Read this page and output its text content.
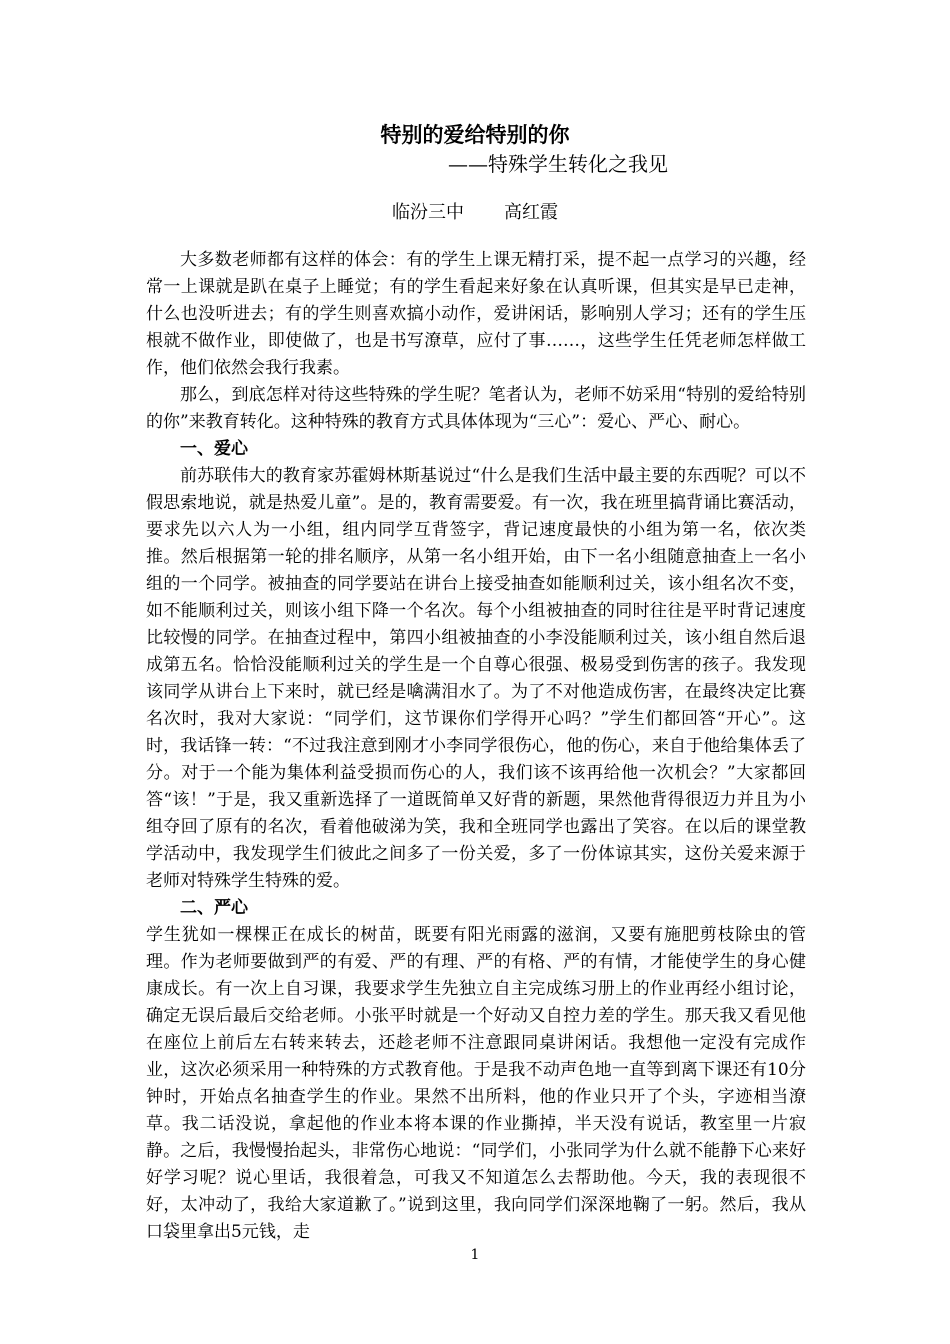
特别的爱给特别的你

——特殊学生转化之我见

临汾三中 高红霞

大多数老师都有这样的体会：有的学生上课无精打采，提不起一点学习的兴趣，经常一上课就是趴在桌子上睡觉；有的学生看起来好象在认真听课，但其实是早已走神，什么也没听进去；有的学生则喜欢搞小动作，爱讲闲话，影响别人学习；还有的学生压根就不做作业，即使做了，也是书写潦草，应付了事……，这些学生任凭老师怎样做工作，他们依然会我行我素。

那么，到底怎样对待这些特殊的学生呢？笔者认为，老师不妨采用“特别的爱给特别的你”来教育转化。这种特殊的教育方式具体体现为“三心”：爱心、严心、耐心。

一、爱心

前苏联伟大的教育家苏霍姆林斯基说过“什么是我们生活中最主要的东西呢？可以不假思索地说，就是热爱儿童”。是的，教育需要爱。有一次，我在班里搞背诵比赛活动，要求先以六人为一小组，组内同学互背签字，背记速度最快的小组为第一名，依次类推。然后根据第一轮的排名顺序，从第一名小组开始，由下一名小组随意抽查上一名小组的一个同学。被抽查的同学要站在讲台上接受抽查如能顺利过关，该小组名次不变，如不能顺利过关，则该小组下降一个名次。每个小组被抽查的同时往往是平时背记速度比较慢的同学。在抽查过程中，第四小组被抽查的小李没能顺利过关，该小组自然后退成第五名。恰恰没能顺利过关的学生是一个自尊心很强、极易受到伤害的孩子。我发现该同学从讲台上下来时，就已经是噙满泪水了。为了不对他造成伤害，在最终决定比赛名次时，我对大家说：“同学们，这节课你们学得开心吗？”学生们都回答“开心”。这时，我话锋一转：“不过我注意到刚才小李同学很伤心，他的伤心，来自于他给集体丢了分。对于一个能为集体利益受损而伤心的人，我们该不该再给他一次机会？”大家都回答“该！”于是，我又重新选择了一道既简单又好背的新题，果然他背得很迈力并且为小组夺回了原有的名次，看着他破涕为笑，我和全班同学也露出了笑容。在以后的课堂教学活动中，我发现学生们彼此之间多了一份关爱，多了一份体谅其实，这份关爱来源于老师对特殊学生特殊的爱。

二、严心

学生犹如一棵棵正在成长的树苗，既要有阳光雨露的滋润，又要有施肥剪枝除虫的管理。作为老师要做到严的有爱、严的有理、严的有格、严的有情，才能使学生的身心健康成长。有一次上自习课，我要求学生先独立自主完成练习册上的作业再经小组讨论，确定无误后最后交给老师。小张平时就是一个好动又自控力差的学生。那天我又看见他在座位上前后左右转来转去，还趁老师不注意跟同桌讲闲话。我想他一定没有完成作业，这次必须采用一种特殊的方式教育他。于是我不动声色地一直等到离下课还有10分钟时，开始点名抽查学生的作业。果然不出所料，他的作业只开了个头，字迹相当潦草。我二话没说，拿起他的作业本将本课的作业撕掉，半天没有说话，教室里一片寂静。之后，我慢慢抬起头，非常伤心地说：“同学们，小张同学为什么就不能静下心来好好学习呢？说心里话，我很着急，可我又不知道怎么去帮助他。今天，我的表现很不好，太冲动了，我给大家道歉了。”说到这里，我向同学们深深地鞠了一躬。然后，我从口袋里拿出5元钱，走

1
